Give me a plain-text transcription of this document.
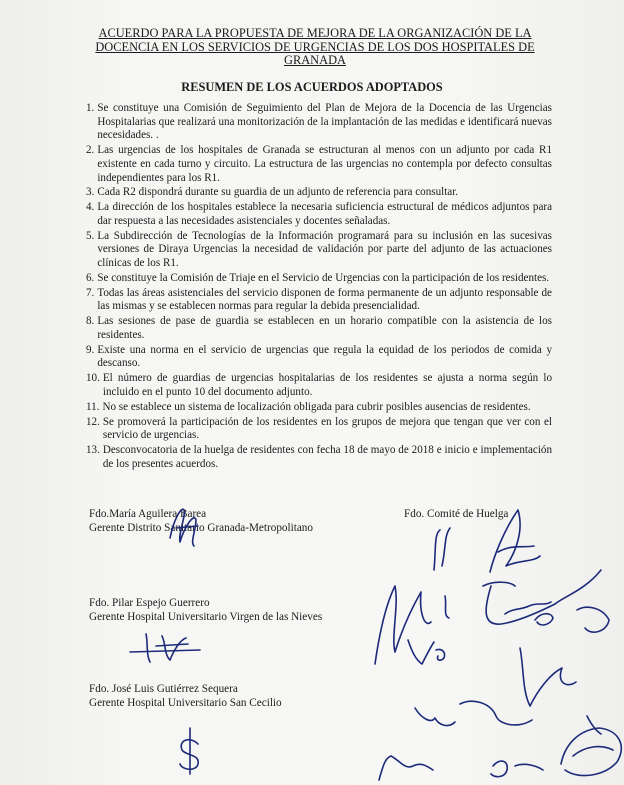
ACUERDO PARA LA PROPUESTA DE MEJORA DE LA ORGANIZACIÓN DE LA
DOCENCIA EN LOS SERVICIOS DE URGENCIAS DE LOS DOS HOSPITALES DE
GRANADA
RESUMEN DE LOS ACUERDOS ADOPTADOS
1. Se constituye una Comisión de Seguimiento del Plan de Mejora de la Docencia de las Urgencias Hospitalarias que realizará una monitorización de la implantación de las medidas e identificará nuevas necesidades. .
2. Las urgencias de los hospitales de Granada se estructuran al menos con un adjunto por cada R1 existente en cada turno y circuito. La estructura de las urgencias no contempla por defecto consultas independientes para los R1.
3. Cada R2 dispondrá durante su guardia de un adjunto de referencia para consultar.
4. La dirección de los hospitales establece la necesaria suficiencia estructural de médicos adjuntos para dar respuesta a las necesidades asistenciales y docentes señaladas.
5. La Subdirección de Tecnologías de la Información programará para su inclusión en las sucesivas versiones de Diraya Urgencias la necesidad de validación por parte del adjunto de las actuaciones clínicas de los R1.
6. Se constituye la Comisión de Triaje en el Servicio de Urgencias con la participación de los residentes.
7. Todas las áreas asistenciales del servicio disponen de forma permanente de un adjunto responsable de las mismas y se establecen normas para regular la debida presencialidad.
8. Las sesiones de pase de guardia se establecen en un horario compatible con la asistencia de los residentes.
9. Existe una norma en el servicio de urgencias que regula la equidad de los periodos de comida y descanso.
10. El número de guardias de urgencias hospitalarias de los residentes se ajusta a norma según lo incluido en el punto 10 del documento adjunto.
11. No se establece un sistema de localización obligada para cubrir posibles ausencias de residentes.
12. Se promoverá la participación de los residentes en los grupos de mejora que tengan que ver con el servicio de urgencias.
13. Desconvocatoria de la huelga de residentes con fecha 18 de mayo de 2018 e inicio e implementación de los presentes acuerdos.
Fdo.María Aguilera Barea
Gerente Distrito Sanitario Granada-Metropolitano
Fdo. Pilar Espejo Guerrero
Gerente Hospital Universitario Virgen de las Nieves
Fdo. José Luis Gutiérrez Sequera
Gerente Hospital Universitario San Cecilio
Fdo. Comité de Huelga
